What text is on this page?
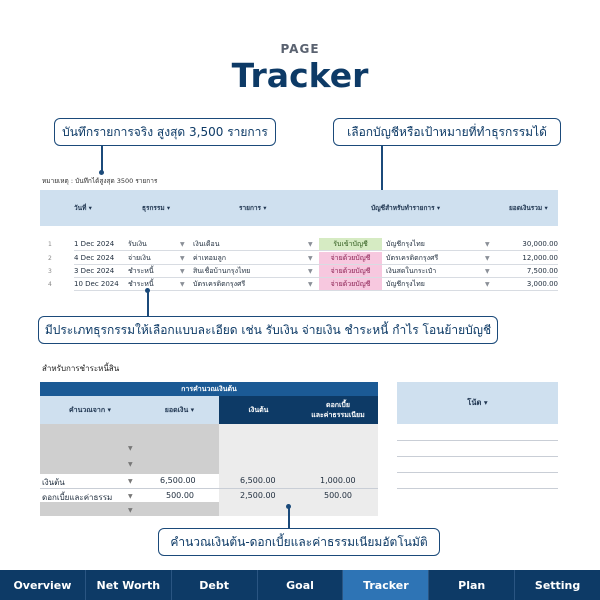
PAGE
Tracker
บันทึกรายการจริง สูงสุด 3,500 รายการ	เลือกบัญชีหรือเป้าหมายที่ทำธุรกรรมได้
หมายเหตุ : บันทึกได้สูงสุด 3500 รายการ
วันที่ ▾	ธุรกรรม ▾	รายการ ▾	บัญชีสำหรับทำรายการ ▾	ยอดเงินรวม ▾
1	1 Dec 2024 รับเงิน	▼ เงินเดือน	▼	รับเข้าบัญชี	บัญชีกรุงไทย	▼	30,000.00
2	4 Dec 2024 จ่ายเงิน	▼ ค่าเทอมลูก	▼	จ่ายด้วยบัญชี	บัตรเครดิตกรุงศรี	▼	12,000.00
3	3 Dec 2024 ชำระหนี้	▼ สินเชื่อบ้านกรุงไทย	▼	จ่ายด้วยบัญชี	เงินสดในกระเป๋า	▼	7,500.00
4	10 Dec 2024 ชำระหนี้	▼ บัตรเครดิตกรุงศรี	▼	จ่ายด้วยบัญชี	บัญชีกรุงไทย	▼	3,000.00
มีประเภทธุรกรรมให้เลือกแบบละเอียด เช่น รับเงิน จ่ายเงิน ชำระหนี้ กำไร โอนย้ายบัญชี
สำหรับการชำระหนี้สิน
การคำนวณเงินต้น
คำนวณจาก ▾	ยอดเงิน ▾	เงินต้น
ดอกเบี้ย
และค่าธรรมเนียม
▼
▼
เงินต้น	▼	6,500.00	6,500.00	1,000.00
ดอกเบี้ยและค่าธรรม	▼	500.00	2,500.00	500.00
▼
โน้ต ▾
คำนวณเงินต้น-ดอกเบี้ยและค่าธรรมเนียมอัตโนมัติ
Overview	Net Worth	Debt	Goal	Tracker	Plan	Setting
